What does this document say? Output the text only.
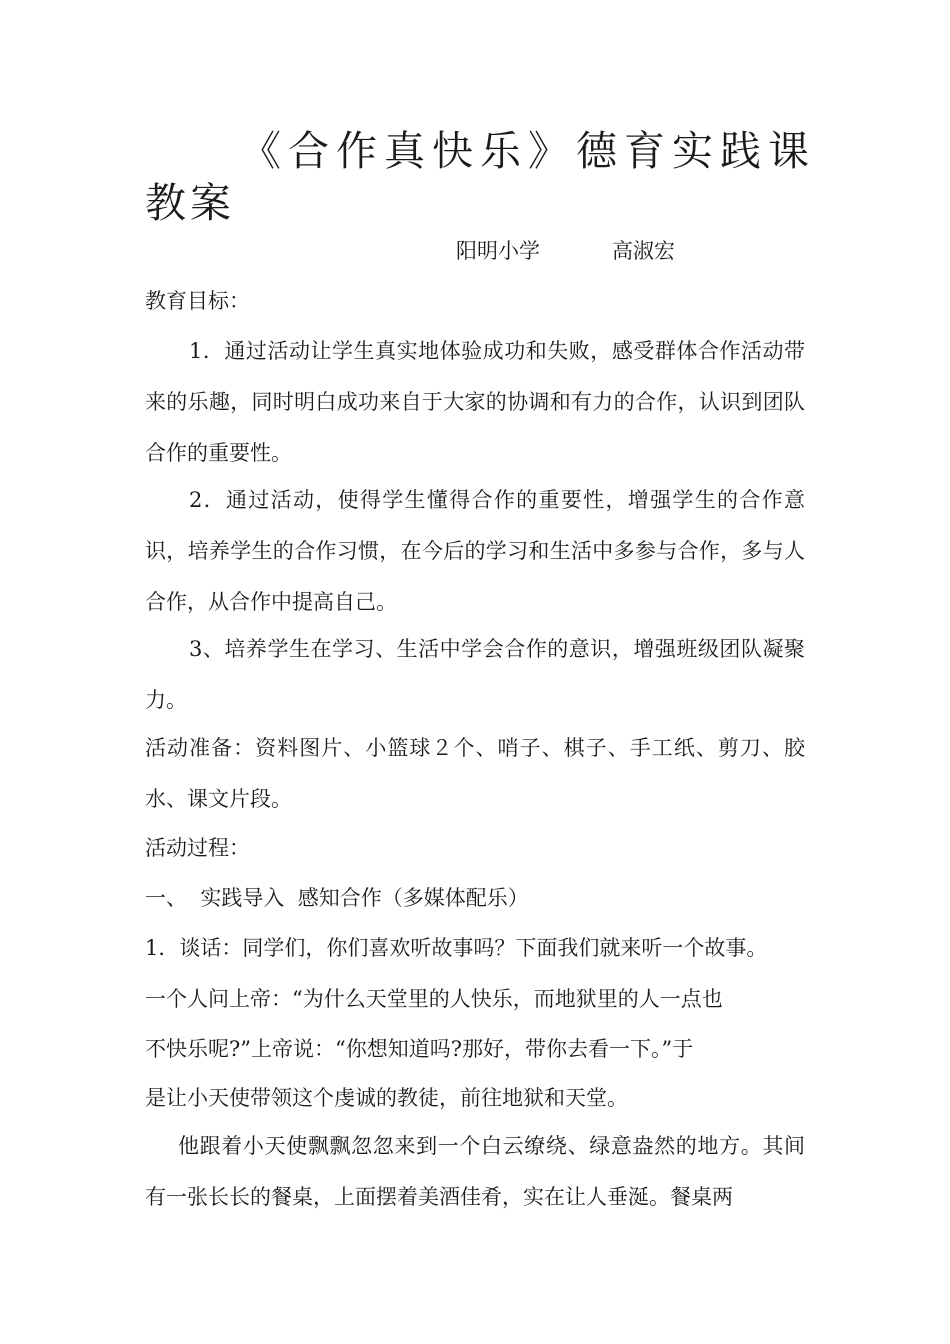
《合作真快乐》德育实践课教案
阳明小学	高淑宏
教育目标：

1．通过活动让学生真实地体验成功和失败，感受群体合作活动带来的乐趣，同时明白成功来自于大家的协调和有力的合作，认识到团队合作的重要性。

2．通过活动，使得学生懂得合作的重要性，增强学生的合作意识，培养学生的合作习惯，在今后的学习和生活中多参与合作，多与人合作，从合作中提高自己。

3、培养学生在学习、生活中学会合作的意识，增强班级团队凝聚力。

活动准备：资料图片、小篮球２个、哨子、棋子、手工纸、剪刀、胶水、课文片段。

活动过程：
一、  实践导入  感知合作（多媒体配乐）
1．谈话：同学们，你们喜欢听故事吗？下面我们就来听一个故事。
一个人问上帝：“为什么天堂里的人快乐，而地狱里的人一点也
不快乐呢?”上帝说：“你想知道吗?那好，带你去看一下。”于
是让小天使带领这个虔诚的教徒，前往地狱和天堂。

他跟着小天使飘飘忽忽来到一个白云缭绕、绿意盎然的地方。其间有一张长长的餐桌，上面摆着美酒佳肴，实在让人垂涎。餐桌两
